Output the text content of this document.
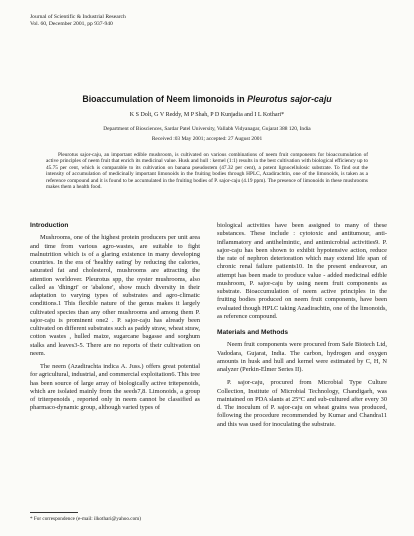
Journal of Scientific & Industrial Research
Vol. 60, December 2001, pp 937-940
Bioaccumulation of Neem limonoids in Pleurotus sajor-caju
K S Dolt, G V Reddy, M P Shah, P D Kunjadia and I L Kothari*
Department of Biosciences, Sardar Patel University, Vallabh Vidyanagar, Gujarat 388 120, India
Received :03 May 2001; accepted: 27 August 2001

Pleurotus sajor-caju, an important edible mushroom, is cultivated on various combinations of neem fruit components for bioaccumulation of active principles of neem fruit that enrich its medicinal value. Husk and hull : kernel (1:1) results in the best cultivation with biological efficiency up to 45.75 per cent, which is comparable to its cultivation on banana pseudostem (47.32 per cent), a potent lignocellulosic substrate. To find out the intensity of accumulation of medicinally important limonoids in the fruiting bodies through HPLC, Azadirachtin, one of the limonoids, is taken as a reference compound and it is found to be accumulated in the fruiting bodies of P. sajor-caju (4.19 ppm). The presence of limonoids in these mushrooms makes them a health food.

Introduction

Mushrooms, one of the highest protein producers per unit area and time from various agro-wastes, are suitable to fight malnutrition which is of a glaring existence in many developing countries. In the era of 'healthy eating' by reducing the calories, saturated fat and cholesterol, mushrooms are attracting the attention worldover. Pleurotus spp, the oyster mushrooms, also called as 'dhingri' or 'abalone', show much diversity in their adaptation to varying types of substrates and agro-climatic conditions.1 This flexible nature of the genus makes it largely cultivated species than any other mushrooms and among them P. sajor-caju is prominent one2 . P. sajor-caju has already been cultivated on different substrates such as paddy straw, wheat straw, cotton wastes , hulled maize, sugarcane bagasse and sorghum stalks and leaves3-5. There are no reports of their cultivation on neem.

The neem (Azadirachta indica A. Juss.) offers great potential for agricultural, industrial, and commercial exploitation6. This tree has been source of large array of biologically active tritepenoids, which are isolated mainly from the seeds7,8. Limonoids, a group of triterpenoids , reported only in neem cannot be classified as pharmaco-dynamic group, although varied types of

biological activities have been assigned to many of these substances. These include : cytotoxic and antitumour, anti-inflammatory and antihelmintic, and antimicrobial activities9. P. sajor-caju has been shown to exhibit hypotensive action, reduce the rate of nephron deterioration which may extend life span of chronic renal failure patients10. In the present endeavour, an attempt has been made to produce value - added medicinal edible mushroom, P. sajor-caju by using neem fruit components as substrate. Bioaccumulation of neem active principles in the fruiting bodies produced on neem fruit components, have been evaluated though HPLC taking Azadirachtin, one of the limonoids, as reference compound.

Materials and Methods

Neem fruit components were procured from Safe Biotech Ltd, Vadodara, Gujarat, India. The carbon, hydrogen and oxygen amounts in husk and hull and kernel were estimated by C, H, N analyzer (Perkin-Elmer Series II).

P. sajor-caju, procured from Microbial Type Culture Collection, Institute of Microbial Technology, Chandigarh, was maintained on PDA slants at 25°C and sub-cultured after every 30 d. The inoculum of P. sajor-caju on wheat grains was produced, following the procedure recommended by Kumar and Chandra11 and this was used for inoculating the substrate.

* For correspondence (e-mail: ilkothari@yahoo.com)
